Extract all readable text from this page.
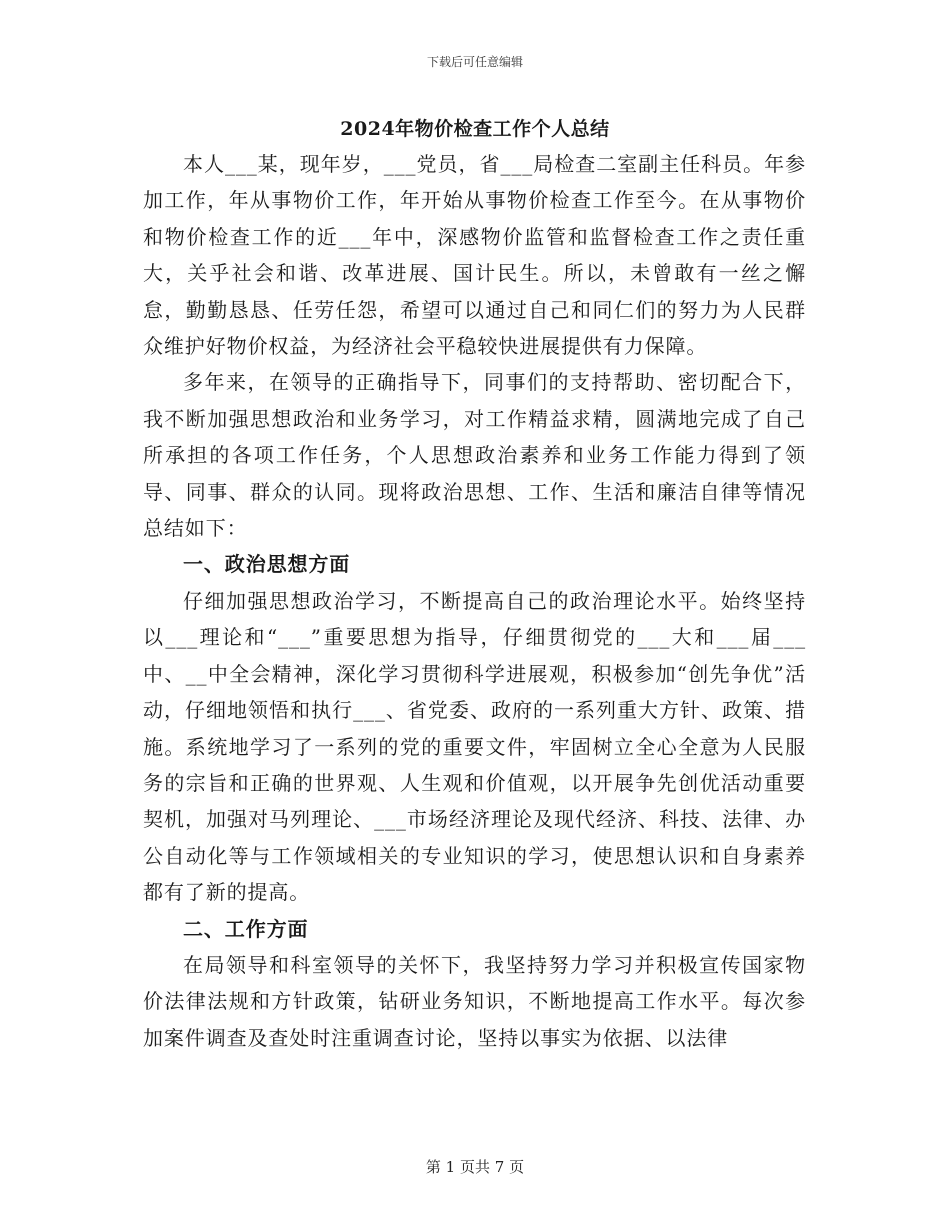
下载后可任意编辑
2024年物价检查工作个人总结

本人___某，现年岁，___党员，省___局检查二室副主任科员。年参加工作，年从事物价工作，年开始从事物价检查工作至今。在从事物价和物价检查工作的近___年中，深感物价监管和监督检查工作之责任重大，关乎社会和谐、改革进展、国计民生。所以，未曾敢有一丝之懈怠，勤勤恳恳、任劳任怨，希望可以通过自己和同仁们的努力为人民群众维护好物价权益，为经济社会平稳较快进展提供有力保障。

多年来，在领导的正确指导下，同事们的支持帮助、密切配合下，我不断加强思想政治和业务学习，对工作精益求精，圆满地完成了自己所承担的各项工作任务，个人思想政治素养和业务工作能力得到了领导、同事、群众的认同。现将政治思想、工作、生活和廉洁自律等情况总结如下：

一、政治思想方面

仔细加强思想政治学习，不断提高自己的政治理论水平。始终坚持以___理论和“___”重要思想为指导，仔细贯彻党的___大和___届___中、__中全会精神，深化学习贯彻科学进展观，积极参加“创先争优”活动，仔细地领悟和执行___、省党委、政府的一系列重大方针、政策、措施。系统地学习了一系列的党的重要文件，牢固树立全心全意为人民服务的宗旨和正确的世界观、人生观和价值观，以开展争先创优活动重要契机，加强对马列理论、___市场经济理论及现代经济、科技、法律、办公自动化等与工作领域相关的专业知识的学习，使思想认识和自身素养都有了新的提高。

二、工作方面

在局领导和科室领导的关怀下，我坚持努力学习并积极宣传国家物价法律法规和方针政策，钻研业务知识，不断地提高工作水平。每次参加案件调查及查处时注重调查讨论，坚持以事实为依据、以法律

第 1 页共 7 页
